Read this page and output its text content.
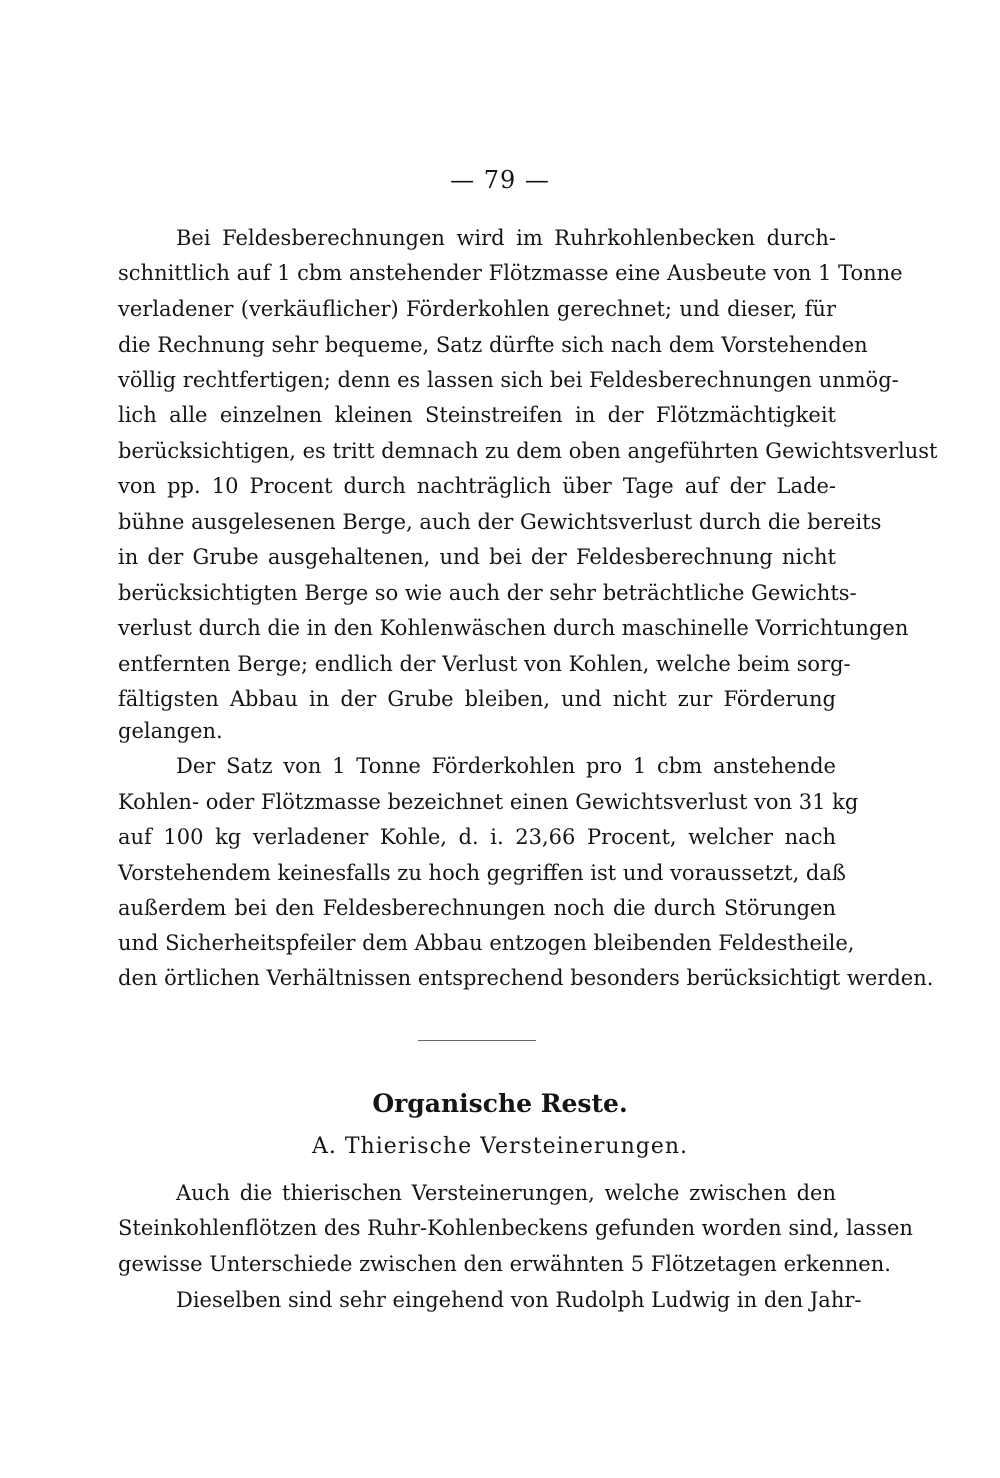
— 79 —
Bei Feldesberechnungen wird im Ruhrkohlenbecken durch-
schnittlich auf 1 cbm anstehender Flötzmasse eine Ausbeute von 1 Tonne
verladener (verkäuflicher) Förderkohlen gerechnet; und dieser, für
die Rechnung sehr bequeme, Satz dürfte sich nach dem Vorstehenden
völlig rechtfertigen; denn es lassen sich bei Feldesberechnungen unmög-
lich alle einzelnen kleinen Steinstreifen in der Flötzmächtigkeit
berücksichtigen, es tritt demnach zu dem oben angeführten Gewichtsverlust
von pp. 10 Procent durch nachträglich über Tage auf der Lade-
bühne ausgelesenen Berge, auch der Gewichtsverlust durch die bereits
in der Grube ausgehaltenen, und bei der Feldesberechnung nicht
berücksichtigten Berge so wie auch der sehr beträchtliche Gewichts-
verlust durch die in den Kohlenwäschen durch maschinelle Vorrichtungen
entfernten Berge; endlich der Verlust von Kohlen, welche beim sorg-
fältigsten Abbau in der Grube bleiben, und nicht zur Förderung
gelangen.
Der Satz von 1 Tonne Förderkohlen pro 1 cbm anstehende
Kohlen- oder Flötzmasse bezeichnet einen Gewichtsverlust von 31 kg
auf 100 kg verladener Kohle, d. i. 23,66 Procent, welcher nach
Vorstehendem keinesfalls zu hoch gegriffen ist und voraussetzt, daß
außerdem bei den Feldesberechnungen noch die durch Störungen
und Sicherheitspfeiler dem Abbau entzogen bleibenden Feldestheile,
den örtlichen Verhältnissen entsprechend besonders berücksichtigt werden.
Organische Reste.
A. Thierische Versteinerungen.
Auch die thierischen Versteinerungen, welche zwischen den
Steinkohlenflötzen des Ruhr-Kohlenbeckens gefunden worden sind, lassen
gewisse Unterschiede zwischen den erwähnten 5 Flötzetagen erkennen.
Dieselben sind sehr eingehend von Rudolph Ludwig in den Jahr-
